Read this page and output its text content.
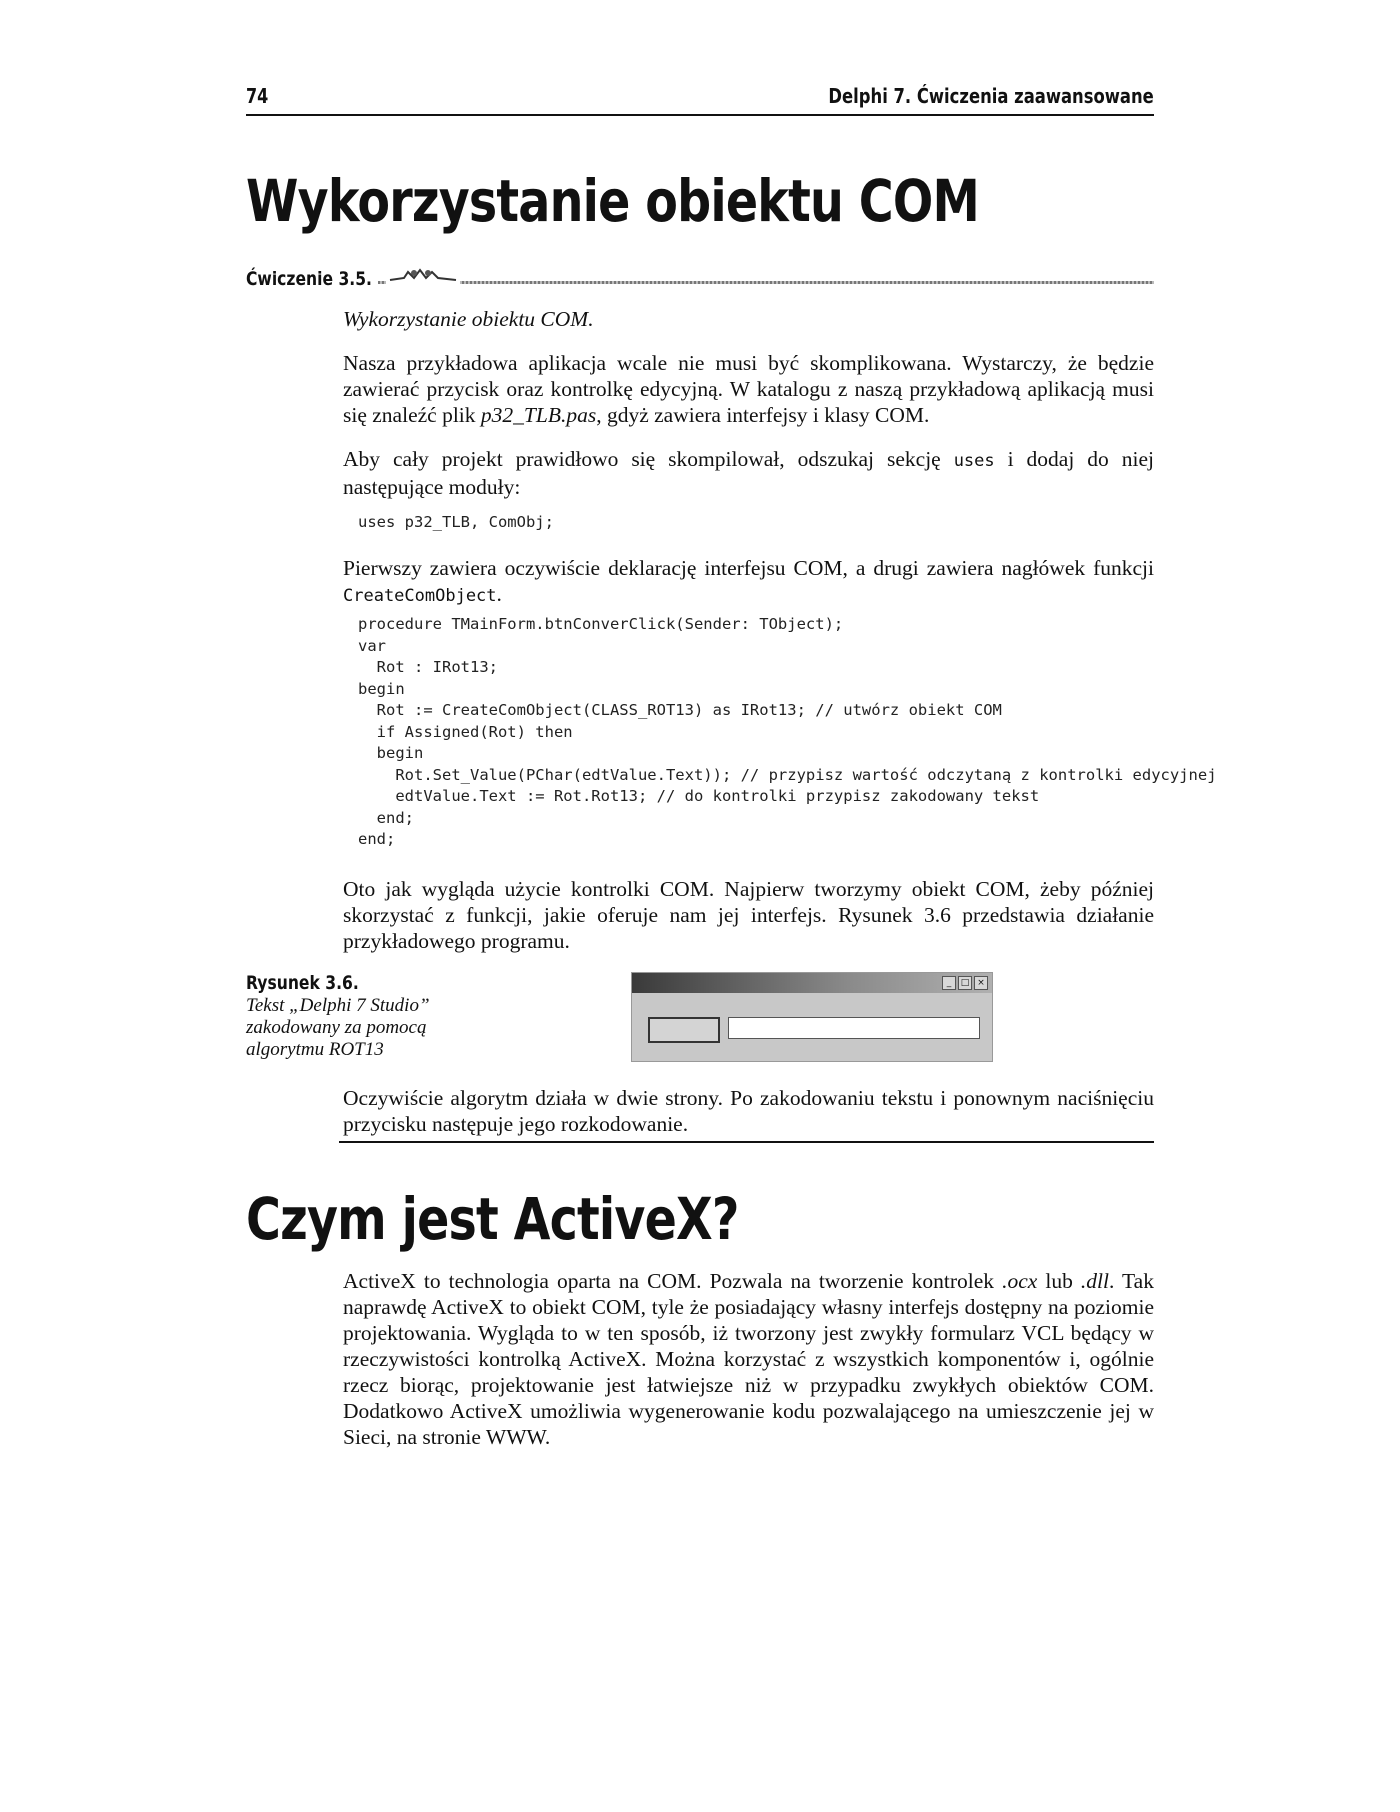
74	Delphi 7. Ćwiczenia zaawansowane
Wykorzystanie obiektu COM
Ćwiczenie 3.5.

Wykorzystanie obiektu COM.

Nasza przykładowa aplikacja wcale nie musi być skomplikowana. Wystarczy, że będzie zawierać przycisk oraz kontrolkę edycyjną. W katalogu z naszą przykładową aplikacją musi się znaleźć plik p32_TLB.pas, gdyż zawiera interfejsy i klasy COM.

Aby cały projekt prawidłowo się skompilował, odszukaj sekcję uses i dodaj do niej następujące moduły:

uses p32_TLB, ComObj;

Pierwszy zawiera oczywiście deklarację interfejsu COM, a drugi zawiera nagłówek funkcji CreateComObject.

procedure TMainForm.btnConverClick(Sender: TObject);
var
Rot : IRot13;
begin
Rot := CreateComObject(CLASS_ROT13) as IRot13; // utwórz obiekt COM
if Assigned(Rot) then
begin
Rot.Set_Value(PChar(edtValue.Text)); // przypisz wartość odczytaną z kontrolki edycyjnej
edtValue.Text := Rot.Rot13; // do kontrolki przypisz zakodowany tekst
end;
end;

Oto jak wygląda użycie kontrolki COM. Najpierw tworzymy obiekt COM, żeby później skorzystać z funkcji, jakie oferuje nam jej interfejs. Rysunek 3.6 przedstawia działanie przykładowego programu.

Rysunek 3.6.
Tekst „Delphi 7 Studio” zakodowany za pomocą algorytmu ROT13
_	□ ×

Oczywiście algorytm działa w dwie strony. Po zakodowaniu tekstu i ponownym naciśnięciu przycisku następuje jego rozkodowanie.

Czym jest ActiveX?

ActiveX to technologia oparta na COM. Pozwala na tworzenie kontrolek .ocx lub .dll. Tak naprawdę ActiveX to obiekt COM, tyle że posiadający własny interfejs dostępny na poziomie projektowania. Wygląda to w ten sposób, iż tworzony jest zwykły formularz VCL będący w rzeczywistości kontrolką ActiveX. Można korzystać z wszystkich komponentów i, ogólnie rzecz biorąc, projektowanie jest łatwiejsze niż w przypadku zwykłych obiektów COM. Dodatkowo ActiveX umożliwia wygenerowanie kodu pozwalającego na umieszczenie jej w Sieci, na stronie WWW.
